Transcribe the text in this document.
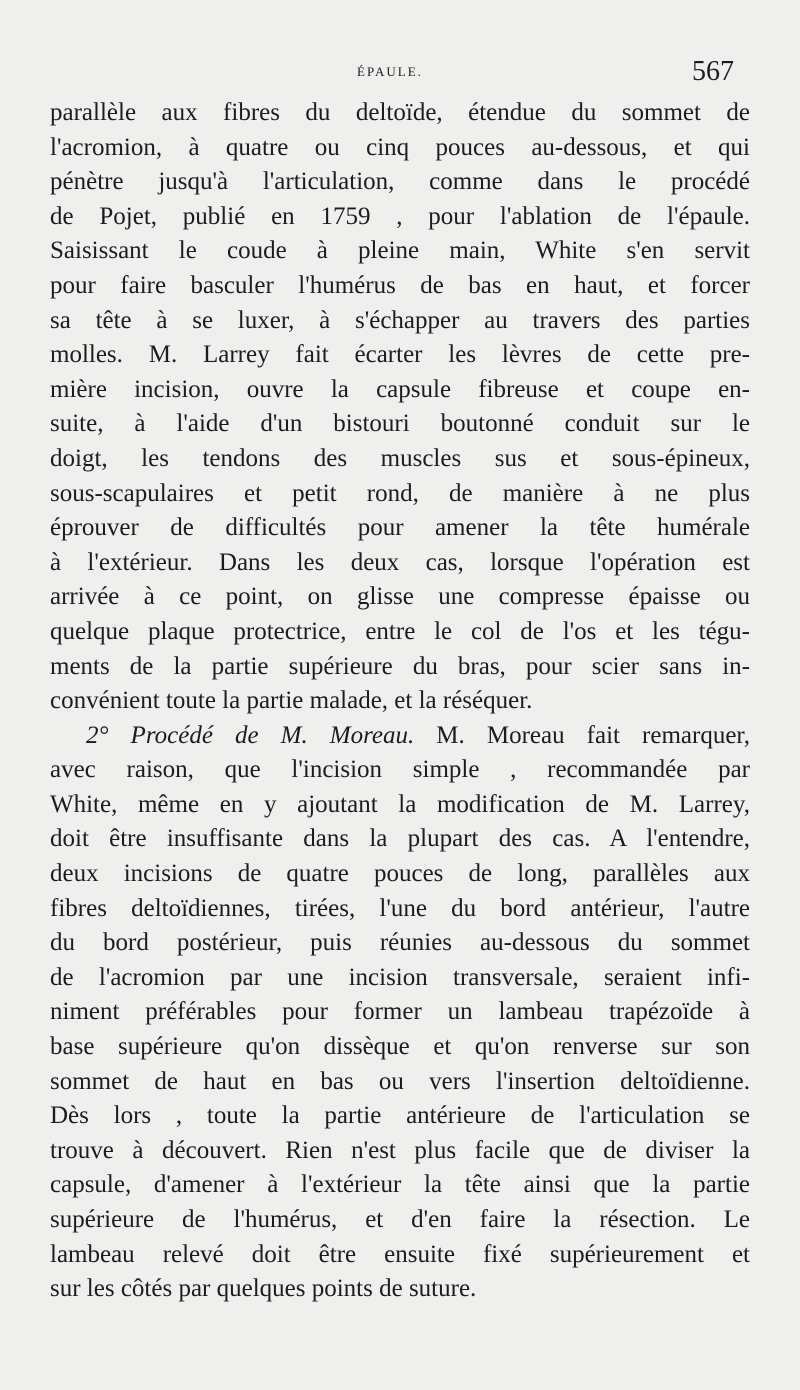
ÉPAULE.	567
parallèle aux fibres du deltoïde, étendue du sommet de
l'acromion, à quatre ou cinq pouces au-dessous, et qui
pénètre jusqu'à l'articulation, comme dans le procédé
de Pojet, publié en 1759 , pour l'ablation de l'épaule.
Saisissant le coude à pleine main, White s'en servit
pour faire basculer l'humérus de bas en haut, et forcer
sa tête à se luxer, à s'échapper au travers des parties
molles. M. Larrey fait écarter les lèvres de cette pre-
mière incision, ouvre la capsule fibreuse et coupe en-
suite, à l'aide d'un bistouri boutonné conduit sur le
doigt, les tendons des muscles sus et sous-épineux,
sous-scapulaires et petit rond, de manière à ne plus
éprouver de difficultés pour amener la tête humérale
à l'extérieur. Dans les deux cas, lorsque l'opération est
arrivée à ce point, on glisse une compresse épaisse ou
quelque plaque protectrice, entre le col de l'os et les tégu-
ments de la partie supérieure du bras, pour scier sans in-
convénient toute la partie malade, et la réséquer.
2° Procédé de M. Moreau. M. Moreau fait remarquer,
avec raison, que l'incision simple , recommandée par
White, même en y ajoutant la modification de M. Larrey,
doit être insuffisante dans la plupart des cas. A l'entendre,
deux incisions de quatre pouces de long, parallèles aux
fibres deltoïdiennes, tirées, l'une du bord antérieur, l'autre
du bord postérieur, puis réunies au-dessous du sommet
de l'acromion par une incision transversale, seraient infi-
niment préférables pour former un lambeau trapézoïde à
base supérieure qu'on dissèque et qu'on renverse sur son
sommet de haut en bas ou vers l'insertion deltoïdienne.
Dès lors , toute la partie antérieure de l'articulation se
trouve à découvert. Rien n'est plus facile que de diviser la
capsule, d'amener à l'extérieur la tête ainsi que la partie
supérieure de l'humérus, et d'en faire la résection. Le
lambeau relevé doit être ensuite fixé supérieurement et
sur les côtés par quelques points de suture.
